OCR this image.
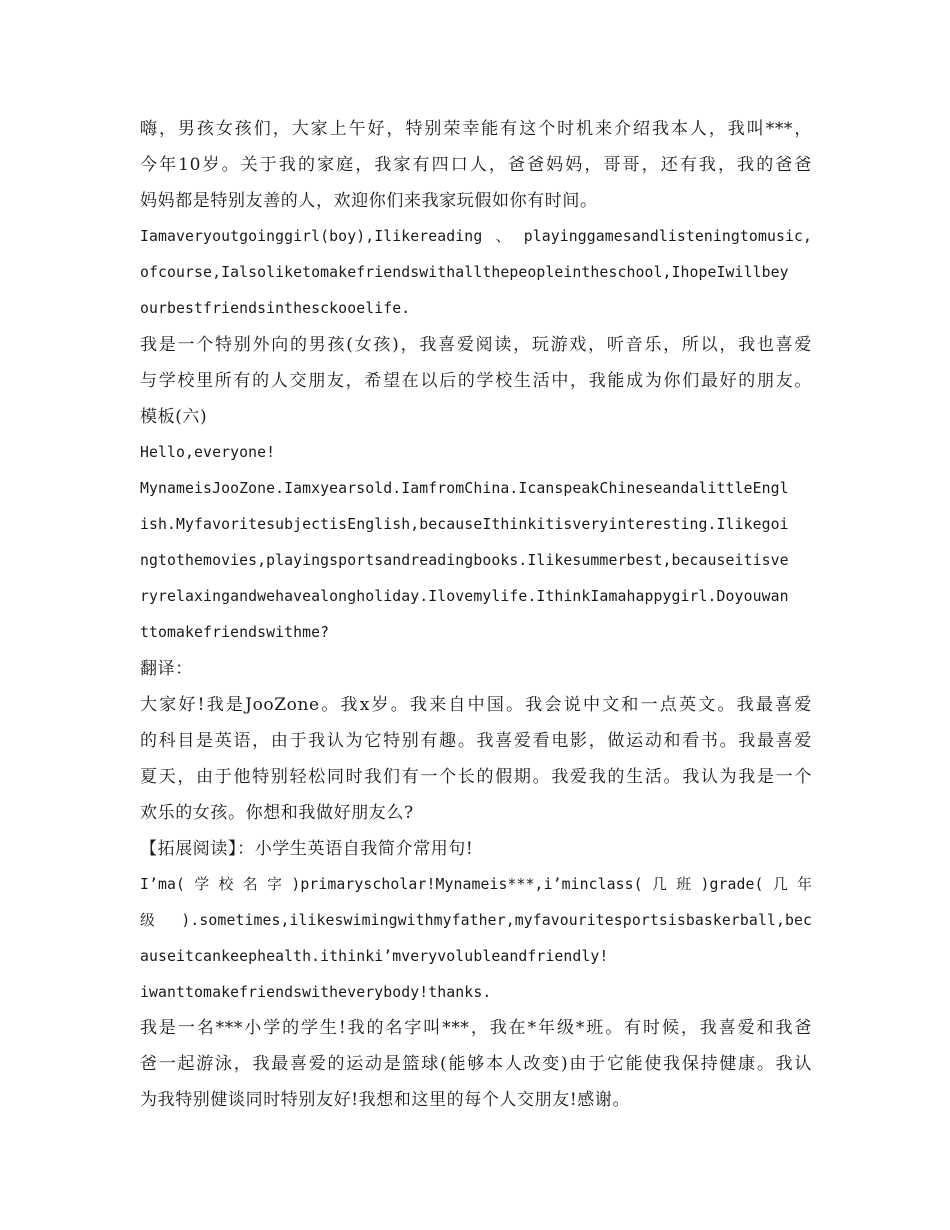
嗨，男孩女孩们，大家上午好，特别荣幸能有这个时机来介绍我本人，我叫***，
今年10岁。关于我的家庭，我家有四口人，爸爸妈妈，哥哥，还有我，我的爸爸
妈妈都是特别友善的人，欢迎你们来我家玩假如你有时间。
Iamaveryoutgoinggirl(boy),Ilikereading、playinggamesandlisteningtomusic,
ofcourse,Ialsoliketomakefriendswithallthepeopleintheschool,IhopeIwillbey
ourbestfriendsinthesckooelife.
我是一个特别外向的男孩(女孩)，我喜爱阅读，玩游戏，听音乐，所以，我也喜爱
与学校里所有的人交朋友，希望在以后的学校生活中，我能成为你们最好的朋友。
模板(六)
Hello,everyone!
MynameisJooZone.Iamxyearsold.IamfromChina.IcanspeakChineseandalittleEngl
ish.MyfavoritesubjectisEnglish,becauseIthinkitisveryinteresting.Ilikegoi
ngtothemovies,playingsportsandreadingbooks.Ilikesummerbest,becauseitisve
ryrelaxingandwehavealongholiday.Ilovemylife.IthinkIamahappygirl.Doyouwan
ttomakefriendswithme?
翻译：
大家好!我是JooZone。我x岁。我来自中国。我会说中文和一点英文。我最喜爱
的科目是英语，由于我认为它特别有趣。我喜爱看电影，做运动和看书。我最喜爱
夏天，由于他特别轻松同时我们有一个长的假期。我爱我的生活。我认为我是一个
欢乐的女孩。你想和我做好朋友么?
【拓展阅读】：小学生英语自我简介常用句!
I’ma(学校名字)primaryscholar!Mynameis***,i’minclass(几班)grade(几年
级).sometimes,ilikeswimingwithmyfather,myfavouritesportsisbaskerball,bec
auseitcankeephealth.ithinki’mveryvolubleandfriendly!
iwanttomakefriendswitheverybody!thanks.
我是一名***小学的学生!我的名字叫***，我在*年级*班。有时候，我喜爱和我爸
爸一起游泳，我最喜爱的运动是篮球(能够本人改变)由于它能使我保持健康。我认
为我特别健谈同时特别友好!我想和这里的每个人交朋友!感谢。
